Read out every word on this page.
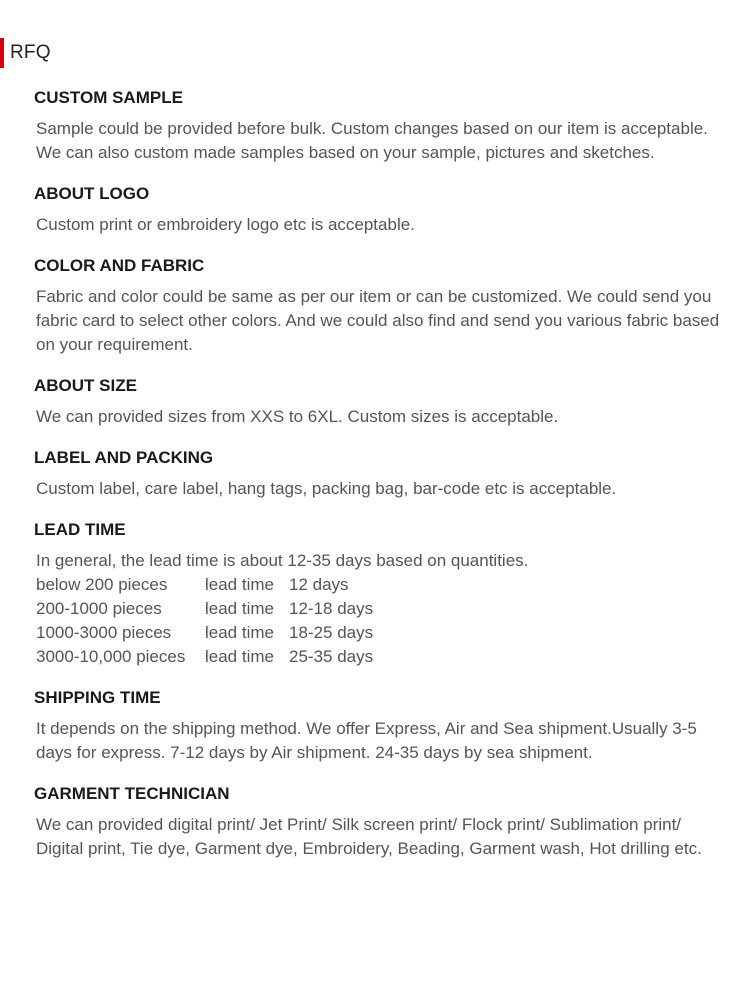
RFQ
CUSTOM SAMPLE

Sample could be provided before bulk. Custom changes based on our item is acceptable. We can also custom made samples based on your sample, pictures and sketches.

ABOUT LOGO

Custom print or embroidery logo etc is acceptable.

COLOR AND FABRIC

Fabric and color could be same as per our item or can be customized. We could send you fabric card to select other colors. And we could also find and send you various fabric based on your requirement.

ABOUT SIZE

We can provided sizes from XXS to 6XL. Custom sizes is acceptable.

LABEL AND PACKING

Custom label, care label, hang tags, packing bag, bar-code etc is acceptable.

LEAD TIME

In general, the lead time is about 12-35 days based on quantities.

below 200 pieces	lead time	12 days
200-1000 pieces	lead time	12-18 days
1000-3000 pieces	lead time	18-25 days
3000-10,000 pieces	lead time	25-35 days
SHIPPING TIME

It depends on the shipping method. We offer Express, Air and Sea shipment.Usually 3-5 days for express. 7-12 days by Air shipment. 24-35 days by sea shipment.

GARMENT TECHNICIAN

We can provided digital print/ Jet Print/ Silk screen print/ Flock print/ Sublimation print/ Digital print, Tie dye, Garment dye, Embroidery, Beading, Garment wash, Hot drilling etc.
